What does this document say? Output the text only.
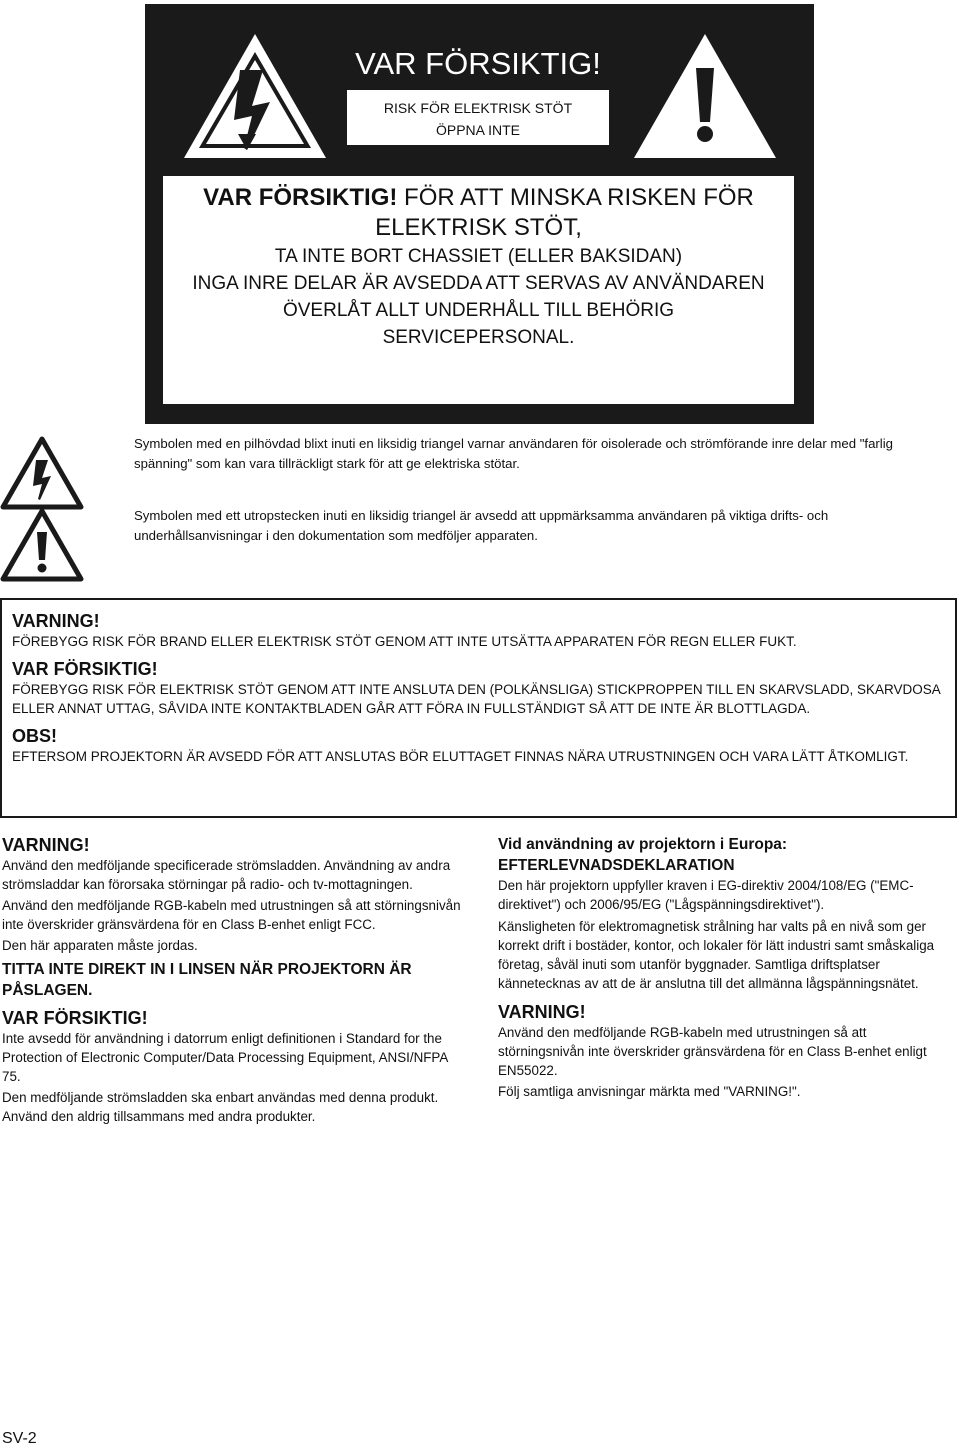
VAR FÖRSIKTIG!
RISK FÖR ELEKTRISK STÖT
ÖPPNA INTE
VAR FÖRSIKTIG! FÖR ATT MINSKA RISKEN FÖR
ELEKTRISK STÖT,
TA INTE BORT CHASSIET (ELLER BAKSIDAN)
INGA INRE DELAR ÄR AVSEDDA ATT SERVAS AV ANVÄNDAREN
ÖVERLÅT ALLT UNDERHÅLL TILL BEHÖRIG
SERVICEPERSONAL.
Symbolen med en pilhövdad blixt inuti en liksidig triangel varnar användaren för oisolerade och strömförande inre delar med "farlig spänning" som kan vara tillräckligt stark för att ge elektriska stötar.
Symbolen med ett utropstecken inuti en liksidig triangel är avsedd att uppmärksamma användaren på viktiga drifts- och underhållsanvisningar i den dokumentation som medföljer apparaten.
VARNING!
FÖREBYGG RISK FÖR BRAND ELLER ELEKTRISK STÖT GENOM ATT INTE UTSÄTTA APPARATEN FÖR REGN ELLER FUKT.
VAR FÖRSIKTIG!
FÖREBYGG RISK FÖR ELEKTRISK STÖT GENOM ATT INTE ANSLUTA DEN (POLKÄNSLIGA) STICKPROPPEN TILL EN SKARVSLADD, SKARVDOSA ELLER ANNAT UTTAG, SÅVIDA INTE KONTAKTBLADEN GÅR ATT FÖRA IN FULLSTÄNDIGT SÅ ATT DE INTE ÄR BLOTTLAGDA.
OBS!
EFTERSOM PROJEKTORN ÄR AVSEDD FÖR ATT ANSLUTAS BÖR ELUTTAGET FINNAS NÄRA UTRUSTNINGEN OCH VARA LÄTT ÅTKOMLIGT.
VARNING!
Använd den medföljande specificerade strömsladden. Användning av andra strömsladdar kan förorsaka störningar på radio- och tv-mottagningen.
Använd den medföljande RGB-kabeln med utrustningen så att störningsnivån inte överskrider gränsvärdena för en Class B-enhet enligt FCC.
Den här apparaten måste jordas.
TITTA INTE DIREKT IN I LINSEN NÄR PROJEKTORN ÄR PÅSLAGEN.
VAR FÖRSIKTIG!
Inte avsedd för användning i datorrum enligt definitionen i Standard for the Protection of Electronic Computer/Data Processing Equipment, ANSI/NFPA 75.
Den medföljande strömsladden ska enbart användas med denna produkt. Använd den aldrig tillsammans med andra produkter.
Vid användning av projektorn i Europa:
EFTERLEVNADSDEKLARATION
Den här projektorn uppfyller kraven i EG-direktiv 2004/108/EG ("EMC-direktivet") och 2006/95/EG ("Lågspänningsdirektivet").
Känsligheten för elektromagnetisk strålning har valts på en nivå som ger korrekt drift i bostäder, kontor, och lokaler för lätt industri samt småskaliga företag, såväl inuti som utanför byggnader. Samtliga driftsplatser kännetecknas av att de är anslutna till det allmänna lågspänningsnätet.
VARNING!
Använd den medföljande RGB-kabeln med utrustningen så att störningsnivån inte överskrider gränsvärdena för en Class B-enhet enligt EN55022.
Följ samtliga anvisningar märkta med "VARNING!".
SV-2
